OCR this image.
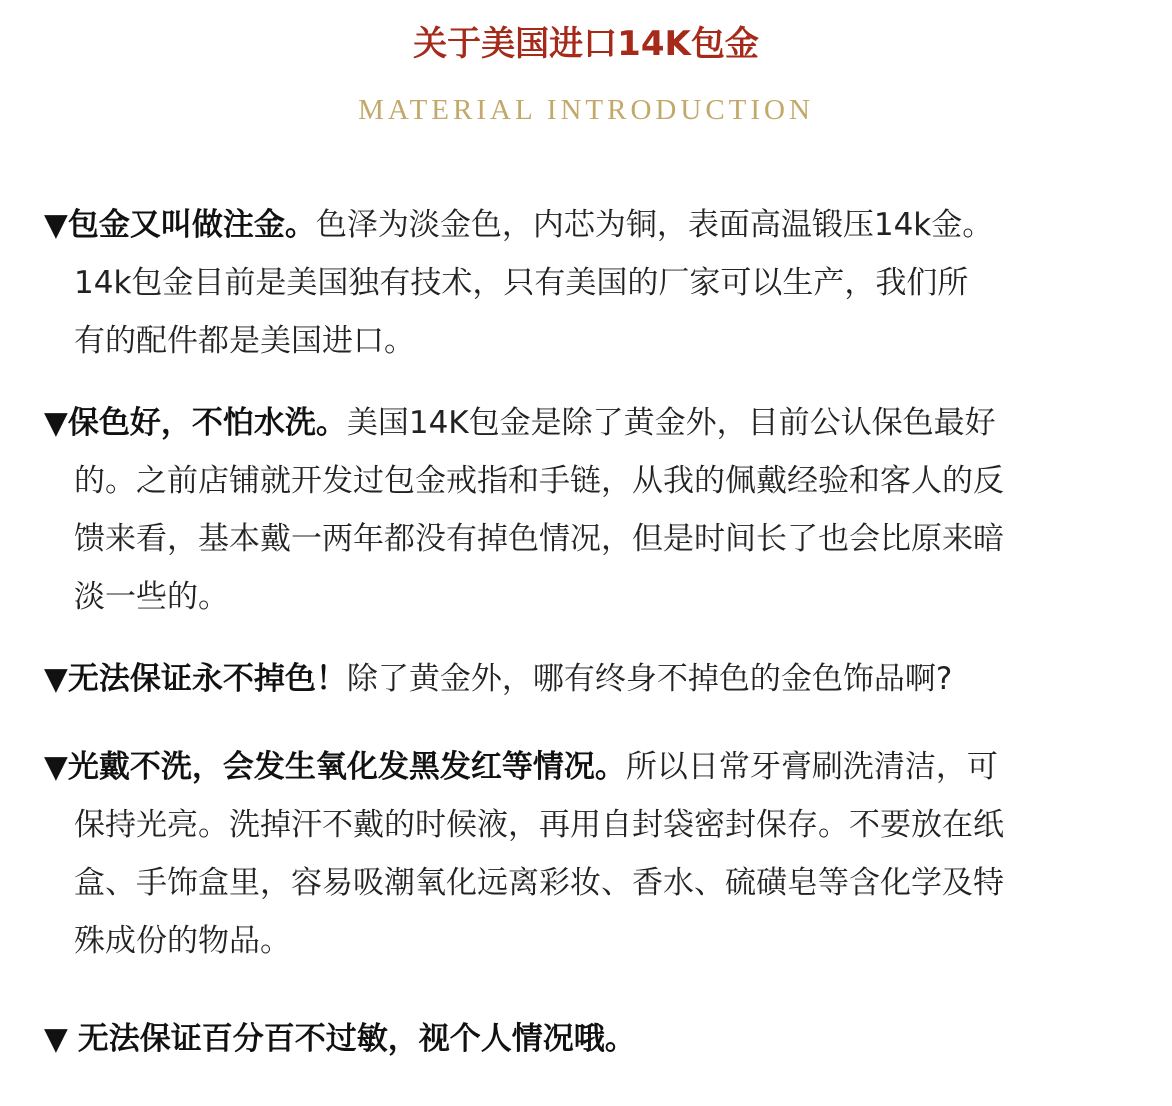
关于美国进口14K包金
MATERIAL INTRODUCTION
▼包金又叫做注金。色泽为淡金色，内芯为铜，表面高温锻压14k金。
14k包金目前是美国独有技术，只有美国的厂家可以生产，我们所
有的配件都是美国进口。
▼保色好，不怕水洗。美国14K包金是除了黄金外，目前公认保色最好
的。之前店铺就开发过包金戒指和手链，从我的佩戴经验和客人的反
馈来看，基本戴一两年都没有掉色情况，但是时间长了也会比原来暗
淡一些的。
▼无法保证永不掉色！除了黄金外，哪有终身不掉色的金色饰品啊?
▼光戴不洗，会发生氧化发黑发红等情况。所以日常牙膏刷洗清洁，可
保持光亮。洗掉汗不戴的时候液，再用自封袋密封保存。不要放在纸
盒、手饰盒里，容易吸潮氧化远离彩妆、香水、硫磺皂等含化学及特
殊成份的物品。
▼ 无法保证百分百不过敏，视个人情况哦。
